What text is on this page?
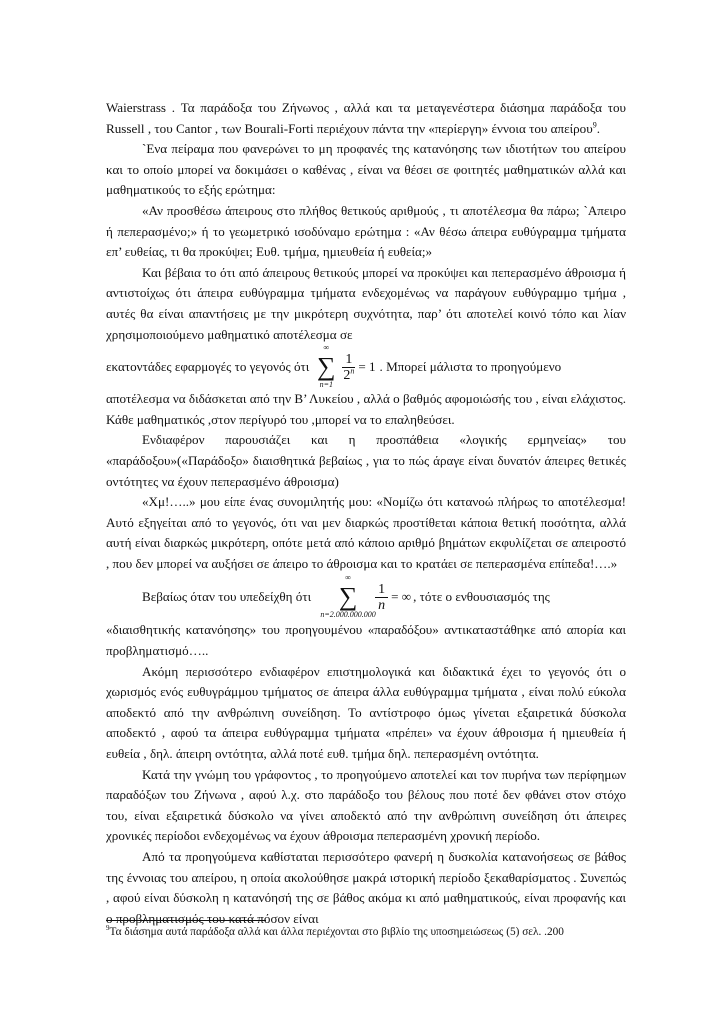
Waierstrass . Τα παράδοξα του Ζήνωνος , αλλά και τα μεταγενέστερα διάσημα παράδοξα του Russell , του Cantor , των Bourali-Forti περιέχουν πάντα την «περίεργη» έννοια του απείρου$^9$.

`Ενα πείραμα που φανερώνει το μη προφανές της κατανόησης των ιδιοτήτων του απείρου και το οποίο μπορεί να δοκιμάσει ο καθένας , είναι να θέσει σε φοιτητές μαθηματικών αλλά και μαθηματικούς το εξής ερώτημα:

«Αν προσθέσω άπειρους στο πλήθος θετικούς αριθμούς , τι αποτέλεσμα θα πάρω; `Απειρο ή πεπερασμένο;» ή το γεωμετρικό ισοδύναμο ερώτημα : «Αν θέσω άπειρα ευθύγραμμα τμήματα επ’ ευθείας, τι θα προκύψει; Ευθ. τμήμα, ημιευθεία ή ευθεία;»

Και βέβαια το ότι από άπειρους θετικούς μπορεί να προκύψει και πεπερασμένο άθροισμα ή αντιστοίχως ότι άπειρα ευθύγραμμα τμήματα ενδεχομένως να παράγουν ευθύγραμμο τμήμα , αυτές θα είναι απαντήσεις με την μικρότερη συχνότητα, παρ’ ότι αποτελεί κοινό τόπο και λίαν χρησιμοποιούμενο μαθηματικό αποτέλεσμα σε

εκατοντάδες εφαρμογές το γεγονός ότι
∞
∑
n=1
$\frac{1}{2^n} = 1$ . Μπορεί μάλιστα το προηγούμενο

αποτέλεσμα να διδάσκεται από την Β’ Λυκείου , αλλά ο βαθμός αφομοιώσής του , είναι ελάχιστος. Κάθε μαθηματικός ,στον περίγυρό του ,μπορεί να το επαληθεύσει.

Ενδιαφέρον παρουσιάζει και η προσπάθεια «λογικής ερμηνείας» του «παράδοξου»(«Παράδοξο» διαισθητικά βεβαίως , για το πώς άραγε είναι δυνατόν άπειρες θετικές οντότητες να έχουν πεπερασμένο άθροισμα)

«Χμ!…..» μου είπε ένας συνομιλητής μου: «Νομίζω ότι κατανοώ πλήρως το αποτέλεσμα! Αυτό εξηγείται από το γεγονός, ότι ναι μεν διαρκώς προστίθεται κάποια θετική ποσότητα, αλλά αυτή είναι διαρκώς μικρότερη, οπότε μετά από κάποιο αριθμό βημάτων εκφυλίζεται σε απειροστό , που δεν μπορεί να αυξήσει σε άπειρο το άθροισμα και το κρατάει σε πεπερασμένα επίπεδα!….»

Βεβαίως όταν του υπεδείχθη ότι
∞
∑
n=2.000.000.000
$\frac{1}{n}$ = ∞ , τότε ο ενθουσιασμός της

«διαισθητικής κατανόησης» του προηγουμένου «παραδόξου» αντικαταστάθηκε από απορία και προβληματισμό…..

Ακόμη περισσότερο ενδιαφέρον επιστημολογικά και διδακτικά έχει το γεγονός ότι ο χωρισμός ενός ευθυγράμμου τμήματος σε άπειρα άλλα ευθύγραμμα τμήματα , είναι πολύ εύκολα αποδεκτό από την ανθρώπινη συνείδηση. Το αντίστροφο όμως γίνεται εξαιρετικά δύσκολα αποδεκτό , αφού τα άπειρα ευθύγραμμα τμήματα «πρέπει» να έχουν άθροισμα ή ημιευθεία ή ευθεία , δηλ. άπειρη οντότητα, αλλά ποτέ ευθ. τμήμα δηλ. πεπερασμένη οντότητα.

Κατά την γνώμη του γράφοντος , το προηγούμενο αποτελεί και τον πυρήνα των περίφημων παραδόξων του Ζήνωνα , αφού λ.χ. στο παράδοξο του βέλους που ποτέ δεν φθάνει στον στόχο του, είναι εξαιρετικά δύσκολο να γίνει αποδεκτό από την ανθρώπινη συνείδηση ότι άπειρες χρονικές περίοδοι ενδεχομένως να έχουν άθροισμα πεπερασμένη χρονική περίοδο.

Από τα προηγούμενα καθίσταται περισσότερο φανερή η δυσκολία κατανοήσεως σε βάθος της έννοιας του απείρου, η οποία ακολούθησε μακρά ιστορική περίοδο ξεκαθαρίσματος . Συνεπώς , αφού είναι δύσκολη η κατανόησή της σε βάθος ακόμα κι από μαθηματικούς, είναι προφανής και ο προβληματισμός του κατά πόσον είναι

$^9$Τα διάσημα αυτά παράδοξα αλλά και άλλα περιέχονται στο βιβλίο της υποσημειώσεως (5) σελ. .200
